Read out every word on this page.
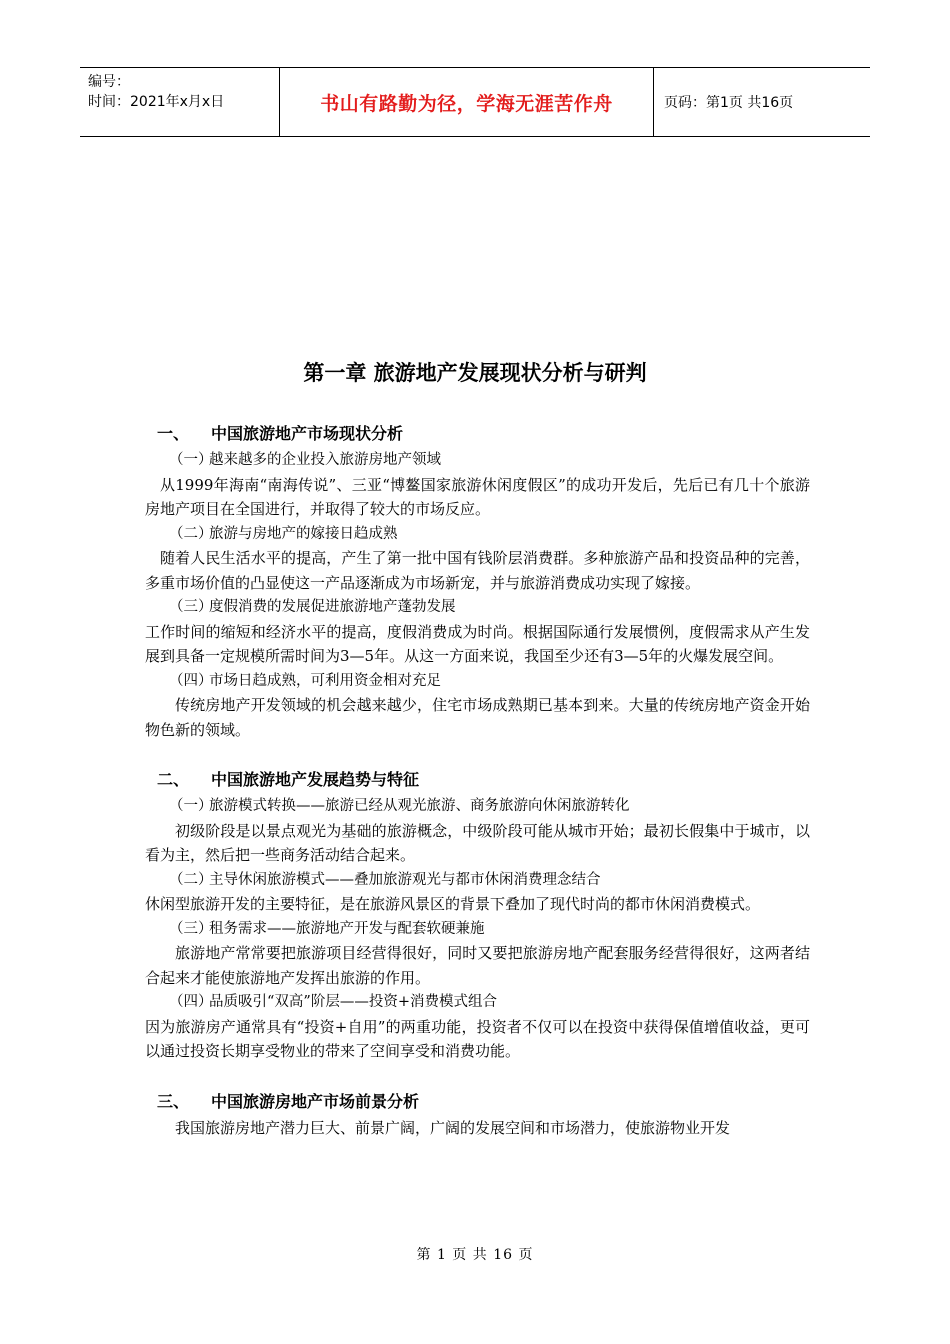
编号：
时间：2021年x月x日	书山有路勤为径，学海无涯苦作舟	页码：第1页 共16页
第一章 旅游地产发展现状分析与研判
一、 中国旅游地产市场现状分析
（一）越来越多的企业投入旅游房地产领域
从1999年海南“南海传说”、三亚“博鳌国家旅游休闲度假区”的成功开发后，先后已有几十个旅游房地产项目在全国进行，并取得了较大的市场反应。
（二）旅游与房地产的嫁接日趋成熟
随着人民生活水平的提高，产生了第一批中国有钱阶层消费群。多种旅游产品和投资品种的完善，多重市场价值的凸显使这一产品逐渐成为市场新宠，并与旅游消费成功实现了嫁接。
（三）度假消费的发展促进旅游地产蓬勃发展
工作时间的缩短和经济水平的提高，度假消费成为时尚。根据国际通行发展惯例，度假需求从产生发展到具备一定规模所需时间为3—5年。从这一方面来说，我国至少还有3—5年的火爆发展空间。
（四）市场日趋成熟，可利用资金相对充足
传统房地产开发领域的机会越来越少，住宅市场成熟期已基本到来。大量的传统房地产资金开始物色新的领域。
二、 中国旅游地产发展趋势与特征
（一）旅游模式转换——旅游已经从观光旅游、商务旅游向休闲旅游转化
初级阶段是以景点观光为基础的旅游概念，中级阶段可能从城市开始；最初长假集中于城市，以看为主，然后把一些商务活动结合起来。
（二）主导休闲旅游模式——叠加旅游观光与都市休闲消费理念结合
休闲型旅游开发的主要特征，是在旅游风景区的背景下叠加了现代时尚的都市休闲消费模式。
（三）租务需求——旅游地产开发与配套软硬兼施
旅游地产常常要把旅游项目经营得很好，同时又要把旅游房地产配套服务经营得很好，这两者结合起来才能使旅游地产发挥出旅游的作用。
（四）品质吸引“双高”阶层——投资+消费模式组合
因为旅游房产通常具有“投资+自用”的两重功能，投资者不仅可以在投资中获得保值增值收益，更可以通过投资长期享受物业的带来了空间享受和消费功能。
三、 中国旅游房地产市场前景分析
我国旅游房地产潜力巨大、前景广阔，广阔的发展空间和市场潜力，使旅游物业开发
第 1 页 共 16 页
